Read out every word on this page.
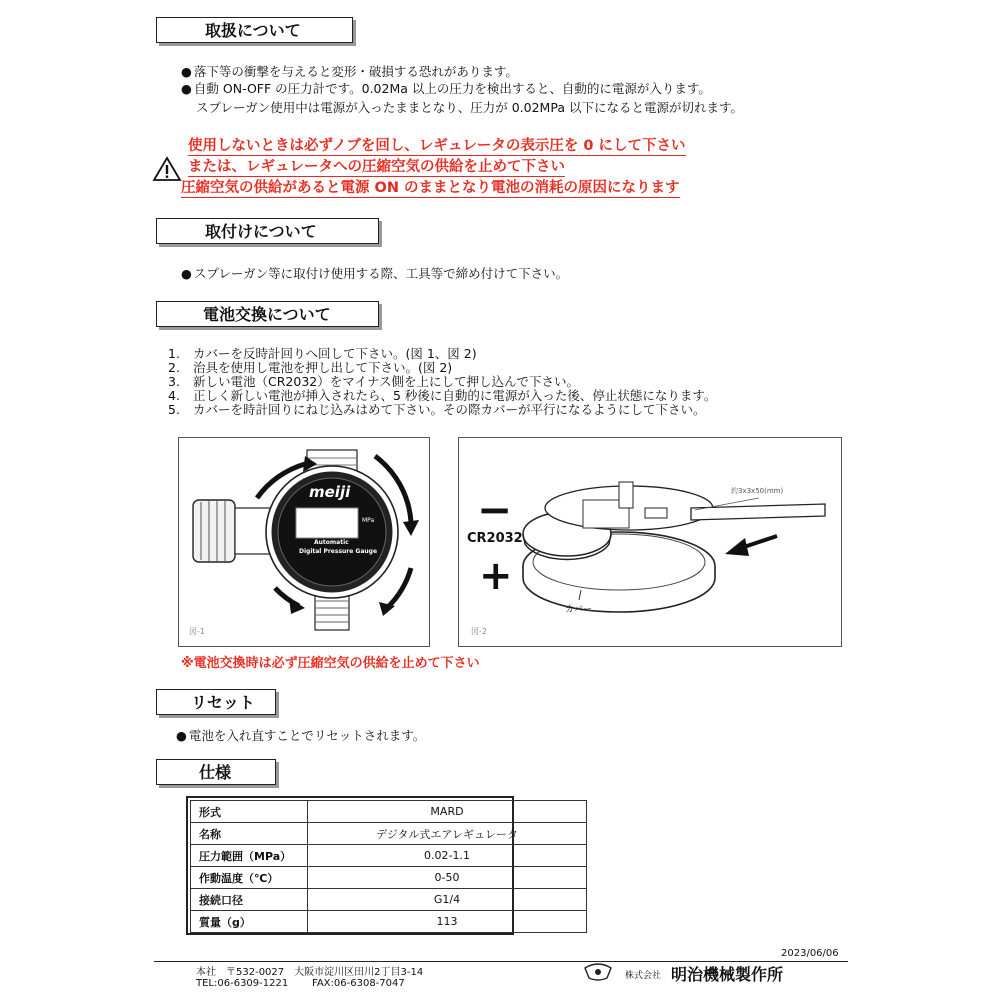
取扱について
● 落下等の衝撃を与えると変形・破損する恐れがあります。
● 自動 ON-OFF の圧力計です。0.02Ma 以上の圧力を検出すると、自動的に電源が入ります。
スプレーガン使用中は電源が入ったままとなり、圧力が 0.02MPa 以下になると電源が切れます。
使用しないときは必ずノブを回し、レギュレータの表示圧を 0 にして下さい
または、レギュレータへの圧縮空気の供給を止めて下さい
圧縮空気の供給があると電源 ON のままとなり電池の消耗の原因になります
取付けについて
● スプレーガン等に取付け使用する際、工具等で締め付けて下さい。
電池交換について
1. カバーを反時計回りへ回して下さい。(図 1、図 2)
2. 治具を使用し電池を押し出して下さい。(図 2)
3. 新しい電池（CR2032）をマイナス側を上にして押し込んで下さい。
4. 正しく新しい電池が挿入されたら、5 秒後に自動的に電源が入った後、停止状態になります。
5. カバーを時計回りにねじ込みはめて下さい。その際カバーが平行になるようにして下さい。
meiji
MPa
Automatic
Digital Pressure Gauge
図-1
−
CR2032
+
約3x3x50(mm)
カバー
図-2
※電池交換時は必ず圧縮空気の供給を止めて下さい
リセット
● 電池を入れ直すことでリセットされます。
仕様
形式	MARD
名称	デジタル式エアレギュレータ
圧力範囲（MPa）	0.02-1.1
作動温度（℃）	0-50
接続口径	G1/4
質量（g）	113
2023/06/06
本社　〒532-0027　大阪市淀川区田川2丁目3-14
TEL:06-6309-1221 FAX:06-6308-7047
株式会社 明治機械製作所
